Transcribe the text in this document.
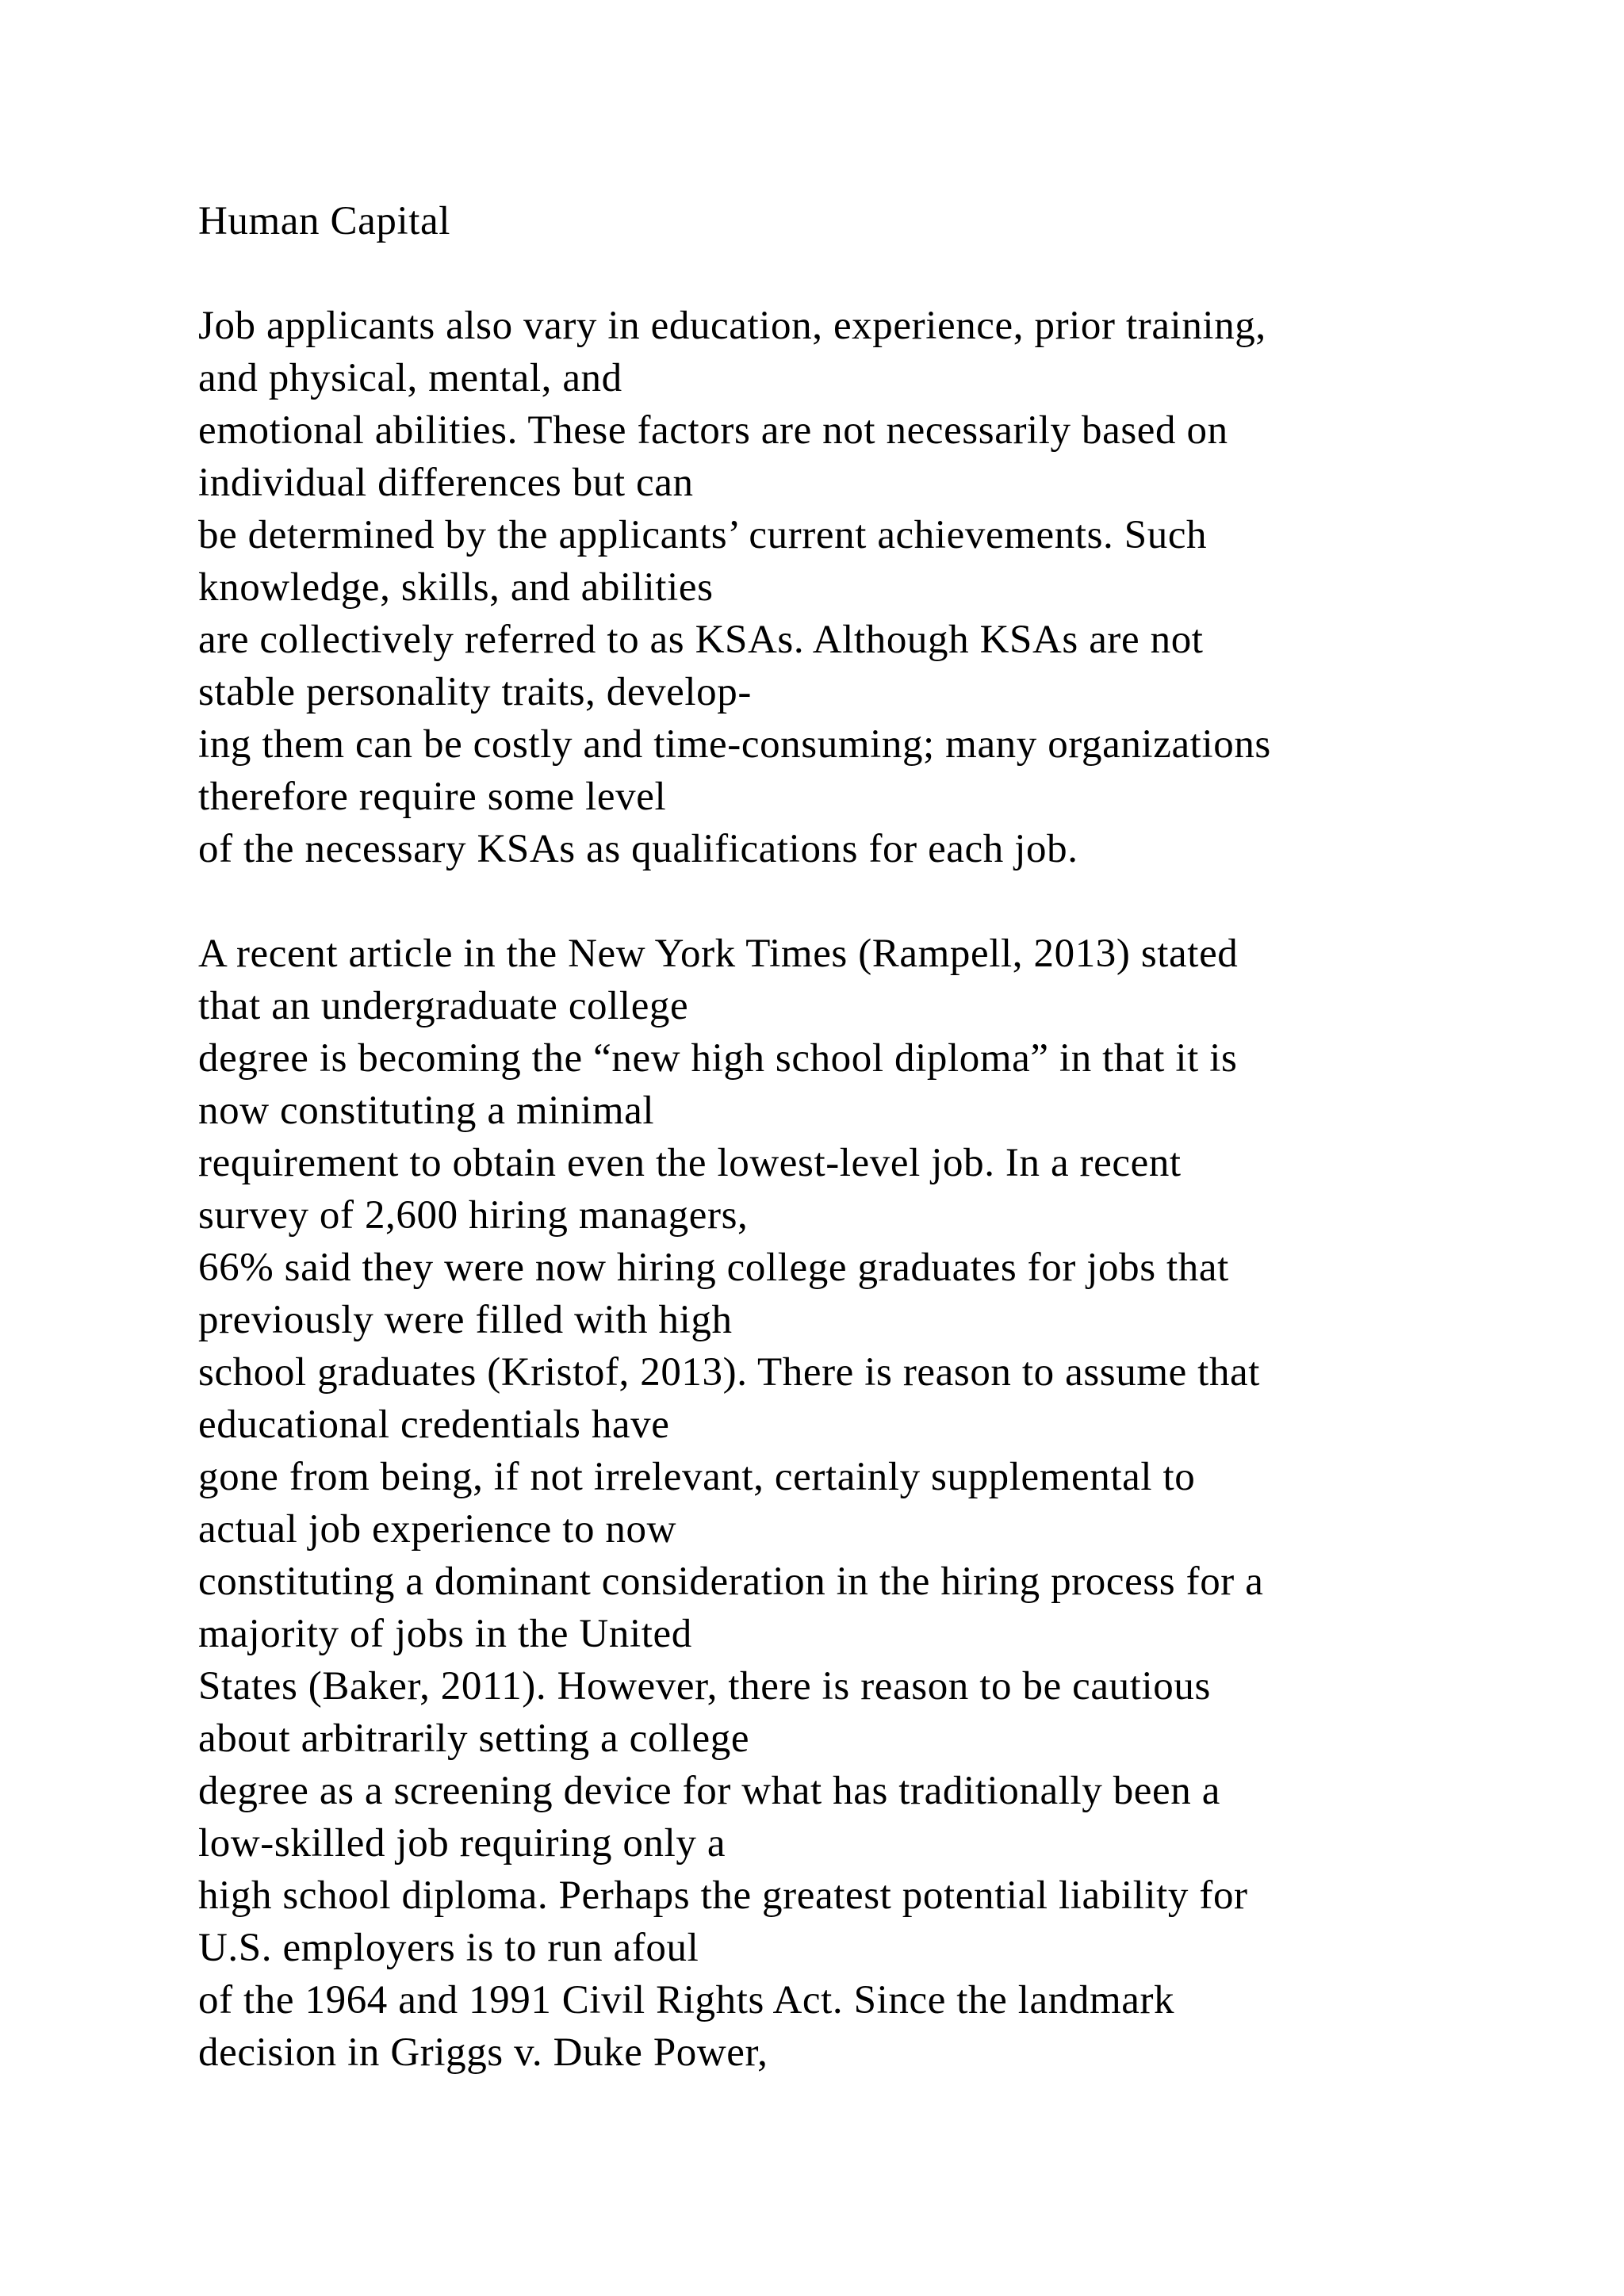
Human Capital
Job applicants also vary in education, experience, prior training,
and physical, mental, and
emotional abilities. These factors are not necessarily based on
individual differences but can
be determined by the applicants’ current achievements. Such
knowledge, skills, and abilities
are collectively referred to as KSAs. Although KSAs are not
stable personality traits, develop-
ing them can be costly and time-consuming; many organizations
therefore require some level
of the necessary KSAs as qualifications for each job.
A recent article in the New York Times (Rampell, 2013) stated
that an undergraduate college
degree is becoming the “new high school diploma” in that it is
now constituting a minimal
requirement to obtain even the lowest-level job. In a recent
survey of 2,600 hiring managers,
66% said they were now hiring college graduates for jobs that
previously were filled with high
school graduates (Kristof, 2013). There is reason to assume that
educational credentials have
gone from being, if not irrelevant, certainly supplemental to
actual job experience to now
constituting a dominant consideration in the hiring process for a
majority of jobs in the United
States (Baker, 2011). However, there is reason to be cautious
about arbitrarily setting a college
degree as a screening device for what has traditionally been a
low-skilled job requiring only a
high school diploma. Perhaps the greatest potential liability for
U.S. employers is to run afoul
of the 1964 and 1991 Civil Rights Act. Since the landmark
decision in Griggs v. Duke Power,
